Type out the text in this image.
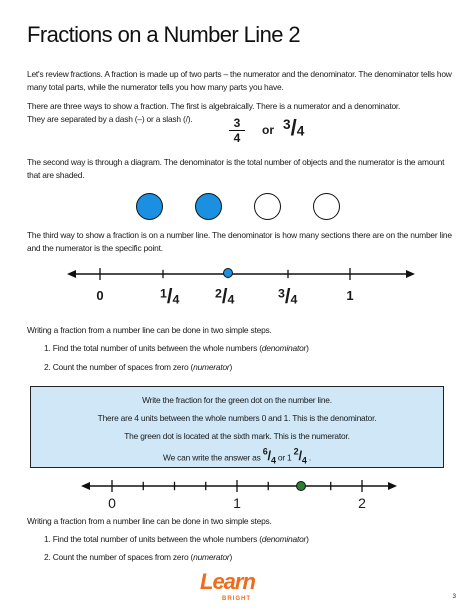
Fractions on a Number Line 2
Let's review fractions. A fraction is made up of two parts – the numerator and the denominator. The denominator tells how many total parts, while the numerator tells you how many parts you have.
There are three ways to show a fraction. The first is algebraically. There is a numerator and a denominator. They are separated by a dash (–) or a slash (/).	3
4
or $^3$/4
The second way is through a diagram. The denominator is the total number of objects and the numerator is the amount that are shaded.
The third way to show a fraction is on a number line. The denominator is how many sections there are on the number line and the numerator is the specific point.
0	$^1$/4	$^2$/4	$^3$/4	1
Writing a fraction from a number line can be done in two simple steps.
1. Find the total number of units between the whole numbers (denominator)
2. Count the number of spaces from zero (numerator)
Write the fraction for the green dot on the number line.
There are 4 units between the whole numbers 0 and 1. This is the denominator.
The green dot is located at the sixth mark. This is the numerator.
We can write the answer as $^6/_4$ or 1 $^2/_4$ .
0	1	2
Writing a fraction from a number line can be done in two simple steps.
1. Find the total number of units between the whole numbers (denominator)
2. Count the number of spaces from zero (numerator)
Learn
BRIGHT	3
